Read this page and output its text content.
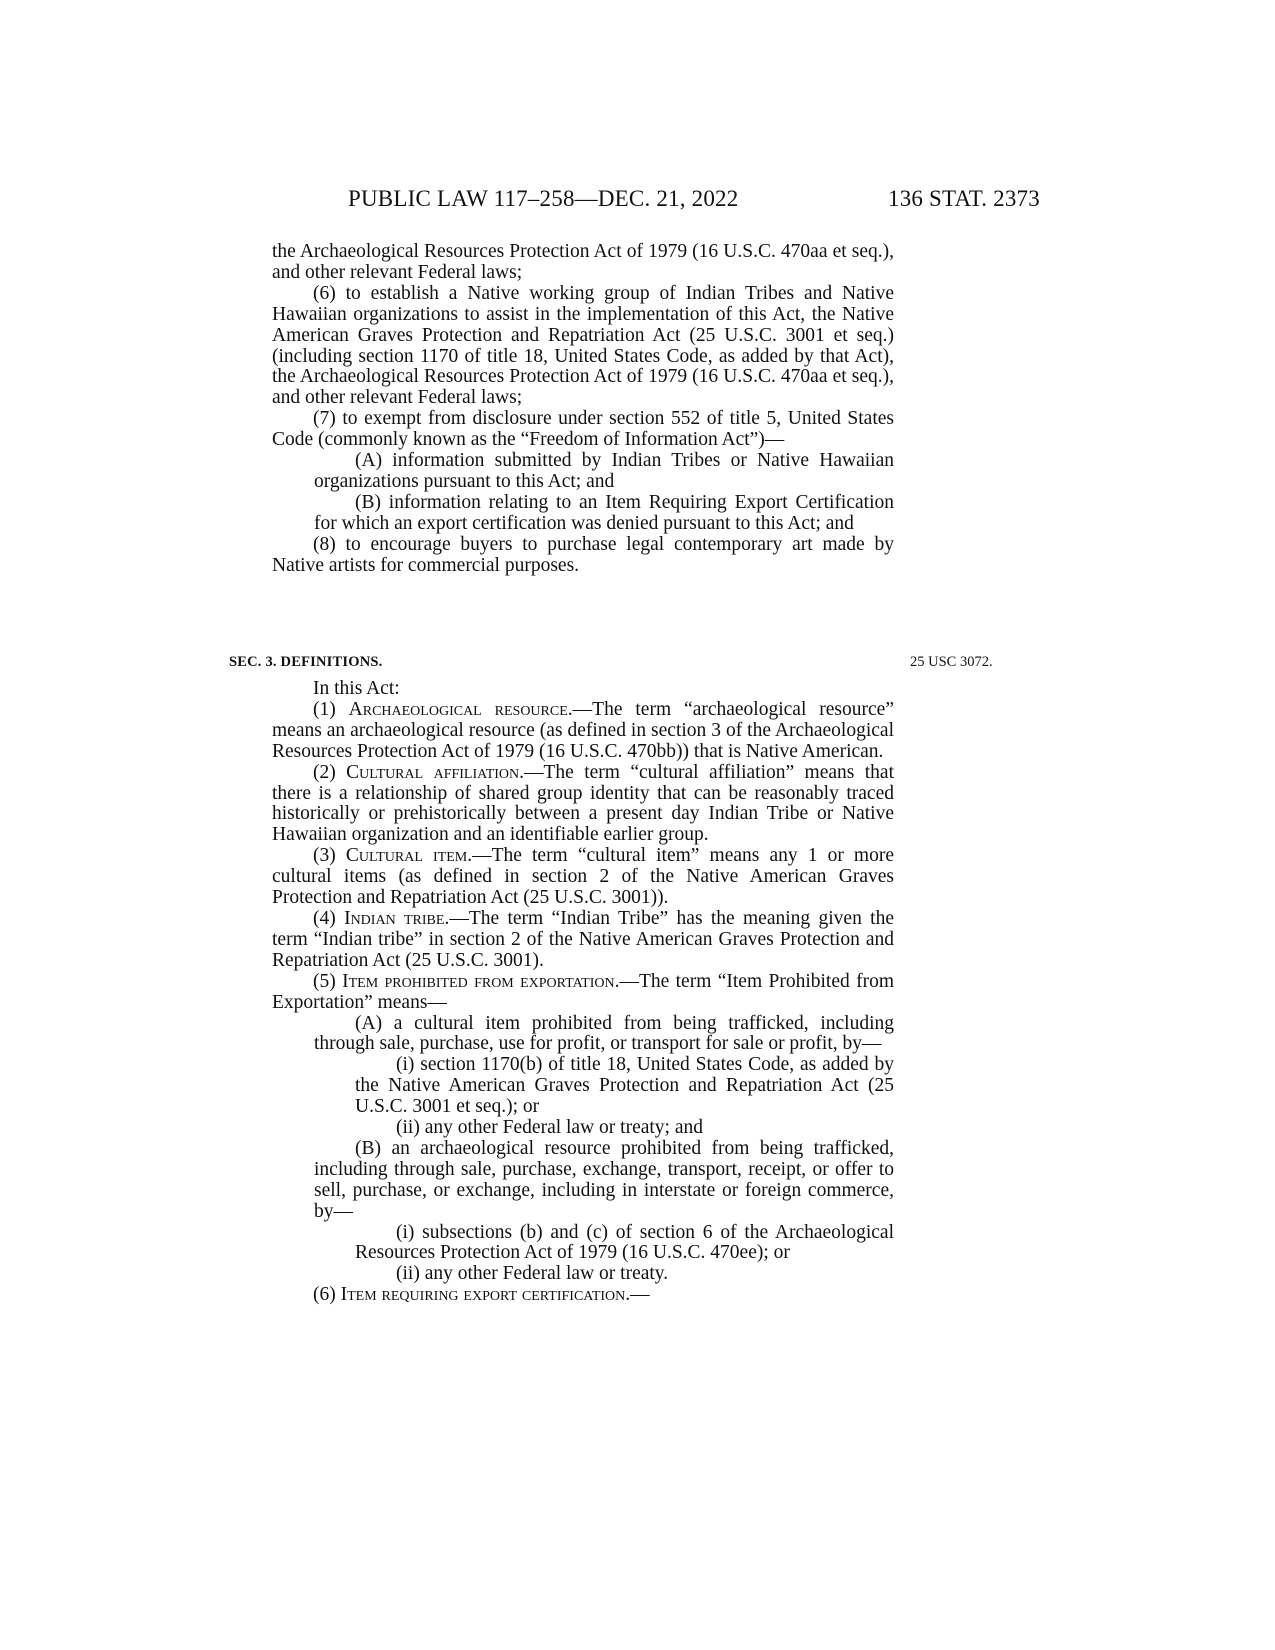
PUBLIC LAW 117–258—DEC. 21, 2022	136 STAT. 2373

the Archaeological Resources Protection Act of 1979 (16 U.S.C. 470aa et seq.), and other relevant Federal laws;

(6) to establish a Native working group of Indian Tribes and Native Hawaiian organizations to assist in the implementation of this Act, the Native American Graves Protection and Repatriation Act (25 U.S.C. 3001 et seq.) (including section 1170 of title 18, United States Code, as added by that Act), the Archaeological Resources Protection Act of 1979 (16 U.S.C. 470aa et seq.), and other relevant Federal laws;

(7) to exempt from disclosure under section 552 of title 5, United States Code (commonly known as the “Freedom of Information Act”)—

(A) information submitted by Indian Tribes or Native Hawaiian organizations pursuant to this Act; and

(B) information relating to an Item Requiring Export Certification for which an export certification was denied pursuant to this Act; and

(8) to encourage buyers to purchase legal contemporary art made by Native artists for commercial purposes.

SEC. 3. DEFINITIONS.	25 USC 3072.

In this Act:

(1) Archaeological resource.—The term “archaeological resource” means an archaeological resource (as defined in section 3 of the Archaeological Resources Protection Act of 1979 (16 U.S.C. 470bb)) that is Native American.

(2) Cultural affiliation.—The term “cultural affiliation” means that there is a relationship of shared group identity that can be reasonably traced historically or prehistorically between a present day Indian Tribe or Native Hawaiian organization and an identifiable earlier group.

(3) Cultural item.—The term “cultural item” means any 1 or more cultural items (as defined in section 2 of the Native American Graves Protection and Repatriation Act (25 U.S.C. 3001)).

(4) Indian tribe.—The term “Indian Tribe” has the meaning given the term “Indian tribe” in section 2 of the Native American Graves Protection and Repatriation Act (25 U.S.C. 3001).

(5) Item prohibited from exportation.—The term “Item Prohibited from Exportation” means—

(A) a cultural item prohibited from being trafficked, including through sale, purchase, use for profit, or transport for sale or profit, by—

(i) section 1170(b) of title 18, United States Code, as added by the Native American Graves Protection and Repatriation Act (25 U.S.C. 3001 et seq.); or

(ii) any other Federal law or treaty; and

(B) an archaeological resource prohibited from being trafficked, including through sale, purchase, exchange, transport, receipt, or offer to sell, purchase, or exchange, including in interstate or foreign commerce, by—

(i) subsections (b) and (c) of section 6 of the Archaeological Resources Protection Act of 1979 (16 U.S.C. 470ee); or

(ii) any other Federal law or treaty.

(6) Item requiring export certification.—
